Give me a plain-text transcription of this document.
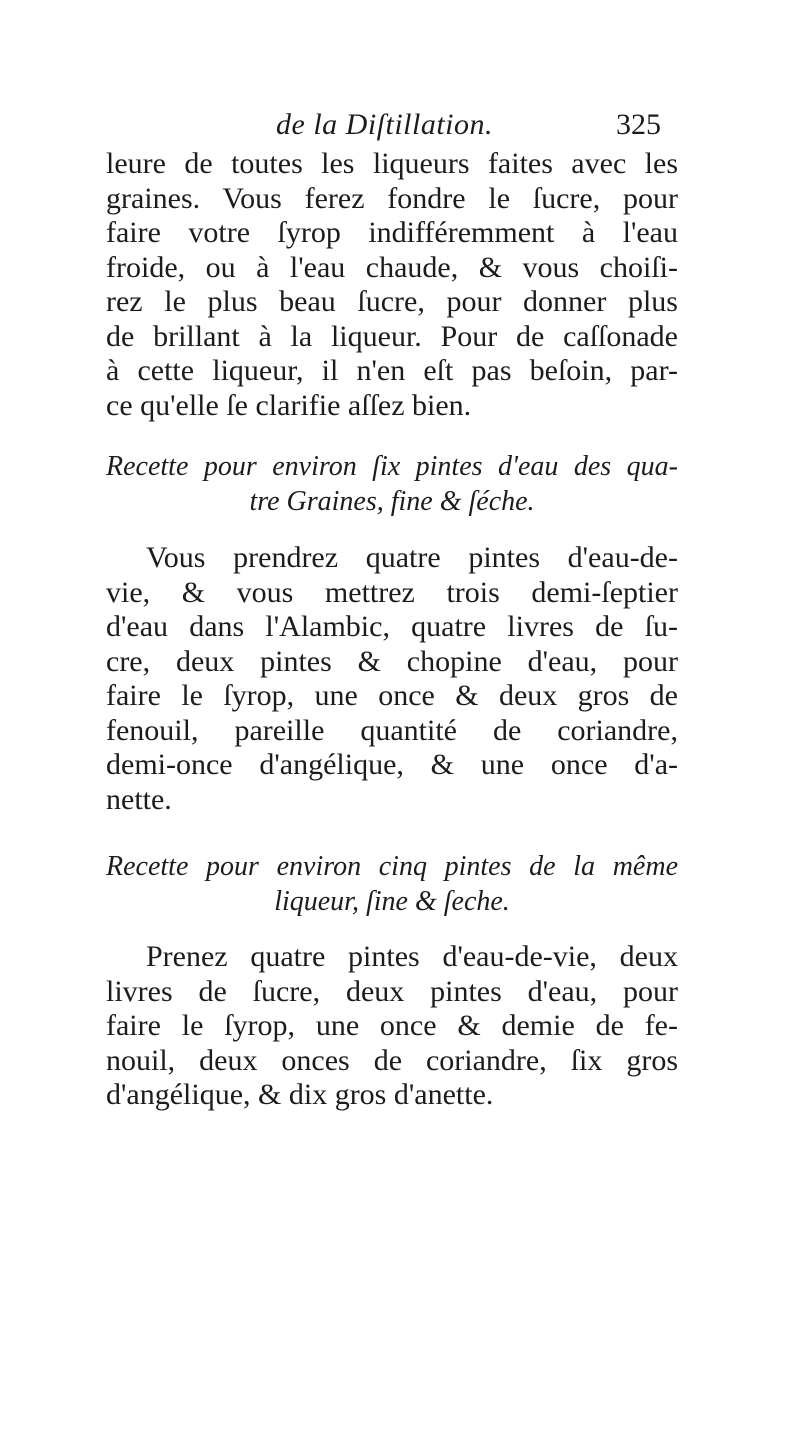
de la Diſtillation.	325
leure de toutes les liqueurs faites avec les
graines. Vous ferez fondre le ſucre, pour
faire votre ſyrop indifféremment à l'eau
froide, ou à l'eau chaude, & vous choiſi-
rez le plus beau ſucre, pour donner plus
de brillant à la liqueur. Pour de caſſonade
à cette liqueur, il n'en eſt pas beſoin, par-
ce qu'elle ſe clarifie aſſez bien.
Recette pour environ ſix pintes d'eau des qua-
tre Graines, fine & ſéche.
Vous prendrez quatre pintes d'eau-de-
vie, & vous mettrez trois demi-ſeptier
d'eau dans l'Alambic, quatre livres de ſu-
cre, deux pintes & chopine d'eau, pour
faire le ſyrop, une once & deux gros de
fenouil, pareille quantité de coriandre,
demi-once d'angélique, & une once d'a-
nette.
Recette pour environ cinq pintes de la même
liqueur, ſine & ſeche.
Prenez quatre pintes d'eau-de-vie, deux
livres de ſucre, deux pintes d'eau, pour
faire le ſyrop, une once & demie de fe-
nouil, deux onces de coriandre, ſix gros
d'angélique, & dix gros d'anette.
